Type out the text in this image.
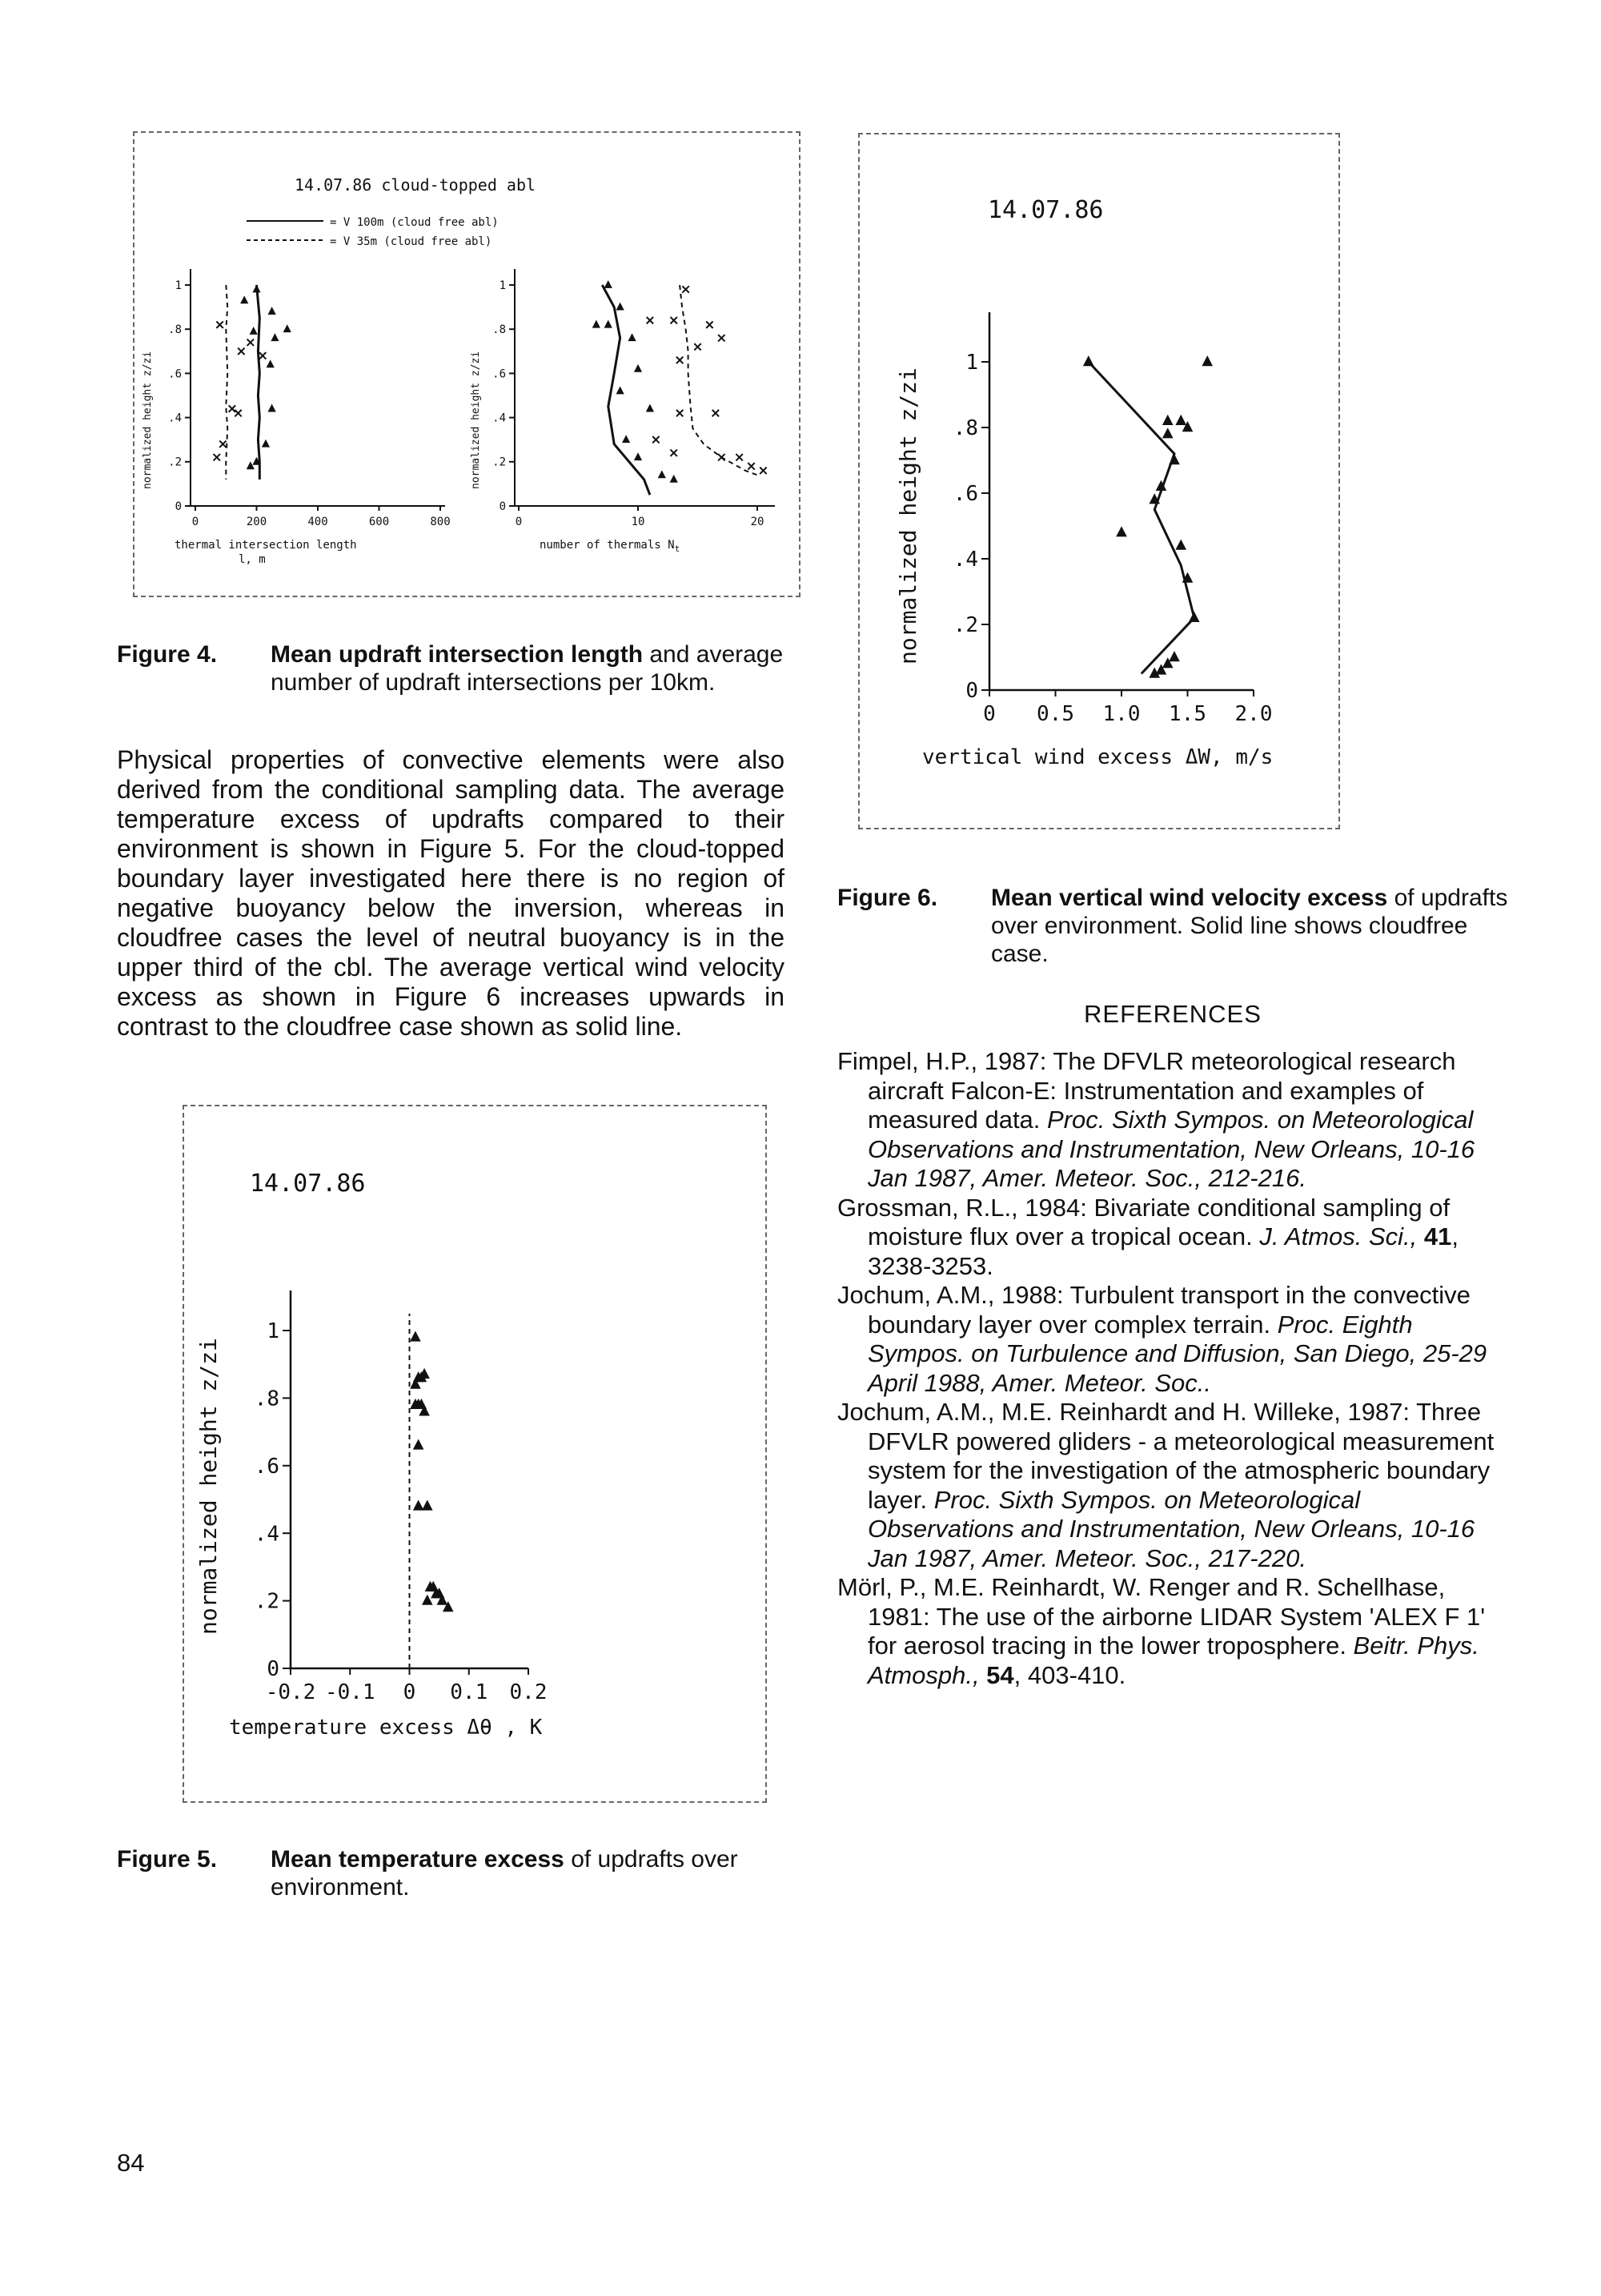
14.07.86 cloud-topped abl
= V 100m (cloud free abl)
= V 35m (cloud free abl)
normalized height z/zi
1
.8
.6
.4
.2
0
0	200	400	600	800
thermal intersection length
l, m
normalized height z/zi
1
.8
.6
.4
.2
0
0	10	20
number of thermals $N_t$
Figure 4. Mean updraft intersection length and average number of updraft intersections per 10km.

Physical properties of convective elements were also derived from the conditional sampling data. The average temperature excess of updrafts compared to their environment is shown in Figure 5. For the cloud-topped boundary layer investigated here there is no region of negative buoyancy below the inversion, whereas in cloudfree cases the level of neutral buoyancy is in the upper third of the cbl. The average vertical wind velocity excess as shown in Figure 6 increases upwards in contrast to the cloudfree case shown as solid line.

14.07.86
normalized height z/zi
1
.8
.6
.4
.2
0
-0.2 -0.1 0 0.1 0.2
temperature excess Δθ , K
Figure 5. Mean temperature excess of updrafts over environment.
14.07.86
normalized height z/zi
1
.8
.6
.4
.2
0
0 0.5 1.0 1.5 2.0
vertical wind excess ΔW, m/s
Figure 6. Mean vertical wind velocity excess of updrafts over environment. Solid line shows cloudfree case.
REFERENCES
Fimpel, H.P., 1987: The DFVLR meteorological research aircraft Falcon-E: Instrumentation and examples of measured data. Proc. Sixth Sympos. on Meteorological Observations and Instrumentation, New Orleans, 10-16 Jan 1987, Amer. Meteor. Soc., 212-216.
Grossman, R.L., 1984: Bivariate conditional sampling of moisture flux over a tropical ocean. J. Atmos. Sci., 41, 3238-3253.
Jochum, A.M., 1988: Turbulent transport in the convective boundary layer over complex terrain. Proc. Eighth Sympos. on Turbulence and Diffusion, San Diego, 25-29 April 1988, Amer. Meteor. Soc..
Jochum, A.M., M.E. Reinhardt and H. Willeke, 1987: Three DFVLR powered gliders - a meteorological measurement system for the investigation of the atmospheric boundary layer. Proc. Sixth Sympos. on Meteorological Observations and Instrumentation, New Orleans, 10-16 Jan 1987, Amer. Meteor. Soc., 217-220.
Mörl, P., M.E. Reinhardt, W. Renger and R. Schellhase, 1981: The use of the airborne LIDAR System 'ALEX F 1' for aerosol tracing in the lower troposphere. Beitr. Phys. Atmosph., 54, 403-410.
84
